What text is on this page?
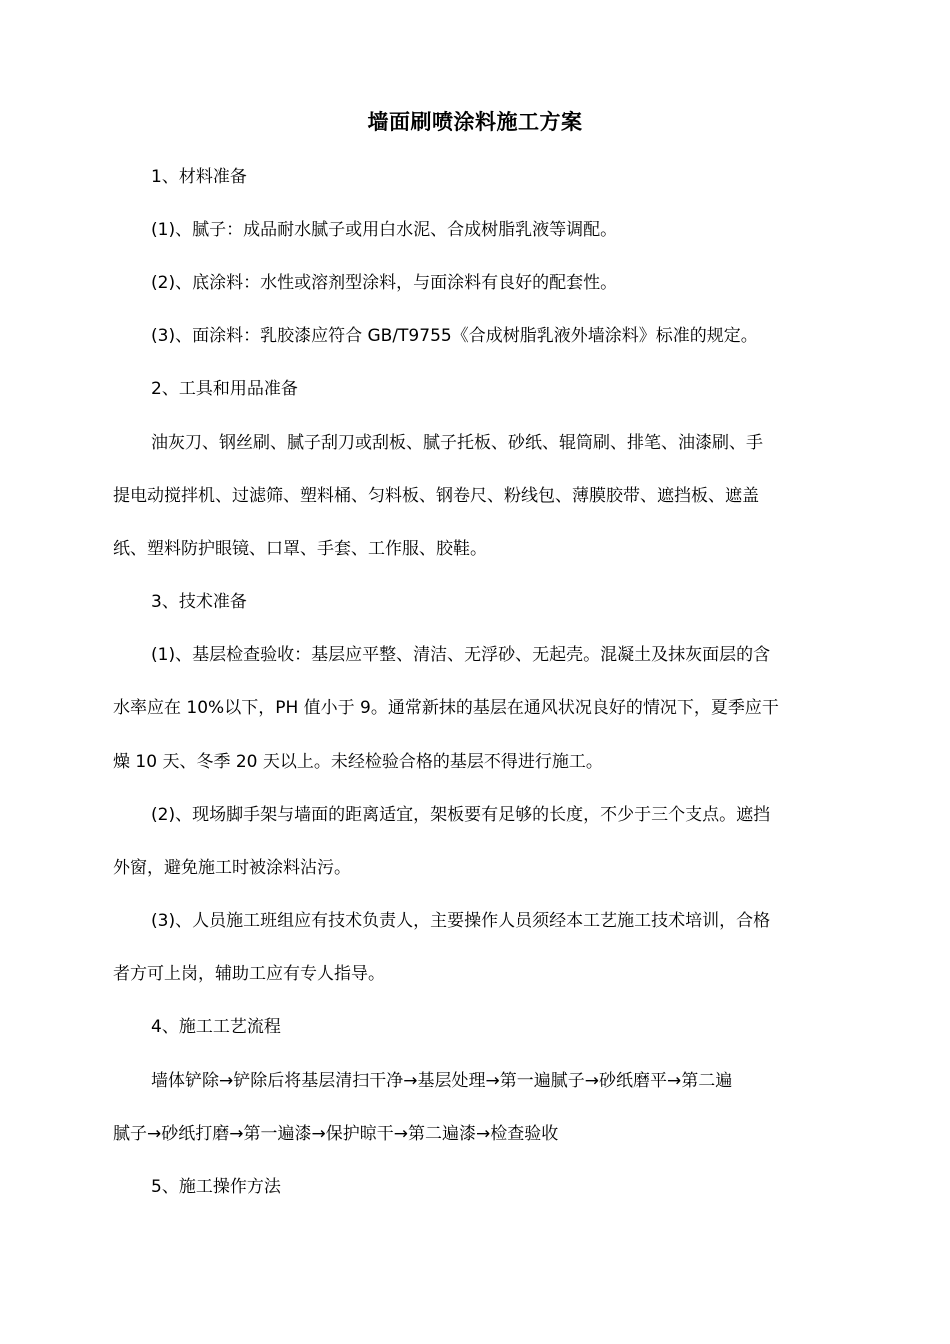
墙面刷喷涂料施工方案
1、材料准备
(1)、腻子：成品耐水腻子或用白水泥、合成树脂乳液等调配。
(2)、底涂料：水性或溶剂型涂料，与面涂料有良好的配套性。
(3)、面涂料：乳胶漆应符合 GB/T9755《合成树脂乳液外墙涂料》标准的规定。
2、工具和用品准备
油灰刀、钢丝刷、腻子刮刀或刮板、腻子托板、砂纸、辊筒刷、排笔、油漆刷、手
提电动搅拌机、过滤筛、塑料桶、匀料板、钢卷尺、粉线包、薄膜胶带、遮挡板、遮盖
纸、塑料防护眼镜、口罩、手套、工作服、胶鞋。
3、技术准备
(1)、基层检查验收：基层应平整、清洁、无浮砂、无起壳。混凝土及抹灰面层的含
水率应在 10%以下，PH 值小于 9。通常新抹的基层在通风状况良好的情况下，夏季应干
燥 10 天、冬季 20 天以上。未经检验合格的基层不得进行施工。
(2)、现场脚手架与墙面的距离适宜，架板要有足够的长度，不少于三个支点。遮挡
外窗，避免施工时被涂料沾污。
(3)、人员施工班组应有技术负责人，主要操作人员须经本工艺施工技术培训，合格
者方可上岗，辅助工应有专人指导。
4、施工工艺流程
墙体铲除→铲除后将基层清扫干净→基层处理→第一遍腻子→砂纸磨平→第二遍
腻子→砂纸打磨→第一遍漆→保护晾干→第二遍漆→检查验收
5、施工操作方法
